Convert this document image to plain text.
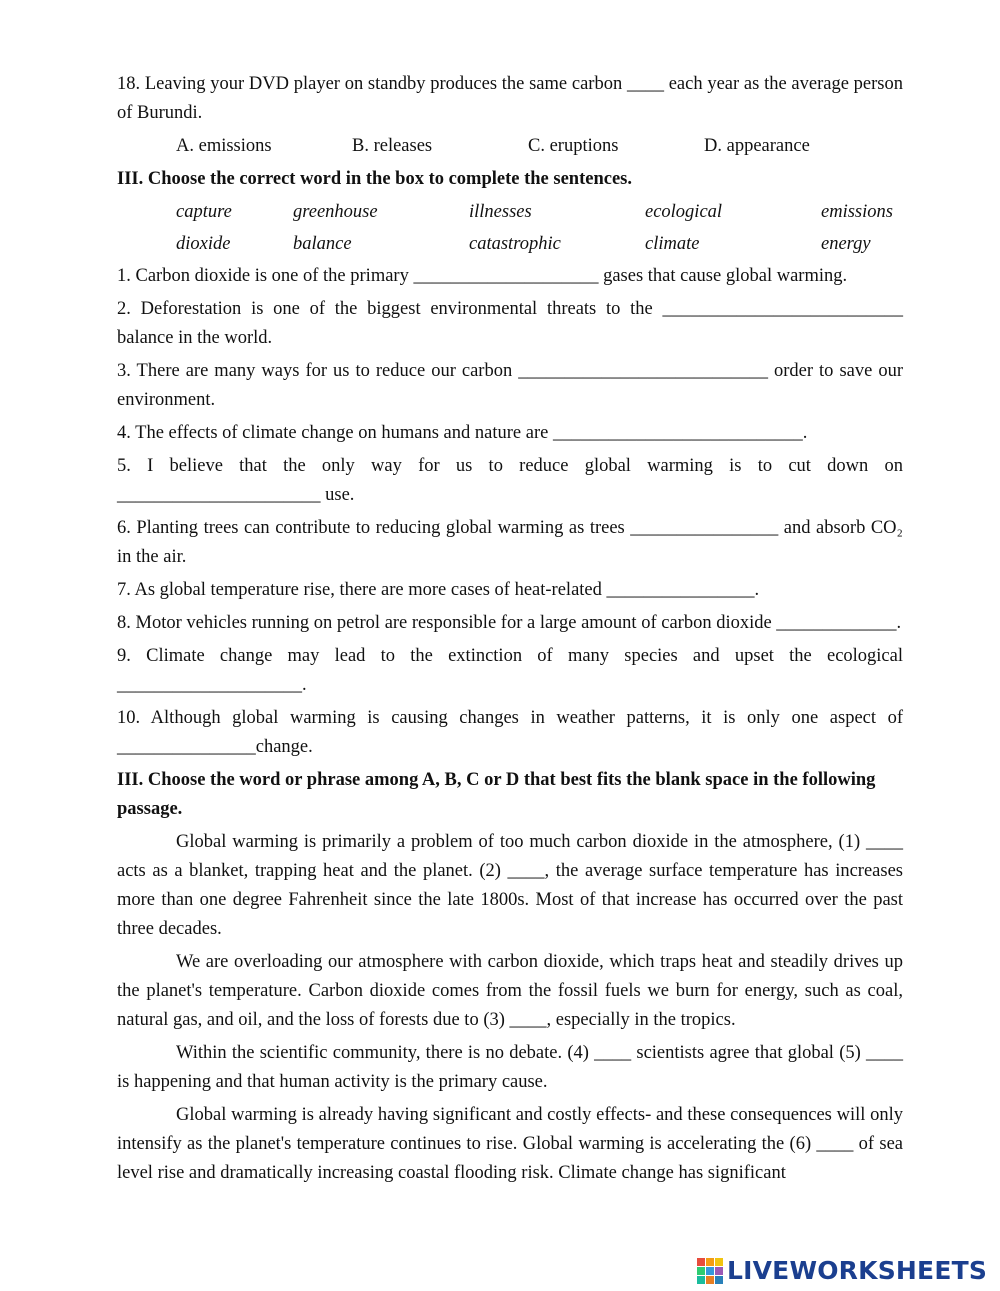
18. Leaving your DVD player on standby produces the same carbon ____ each year as the average person of Burundi.

A. emissions	B. releases	C. eruptions	D. appearance

III. Choose the correct word in the box to complete the sentences.

capture	greenhouse	illnesses	ecological	emissions
dioxide	balance	catastrophic	climate	energy

1. Carbon dioxide is one of the primary ____________________ gases that cause global warming.

2. Deforestation is one of the biggest environmental threats to the __________________________ balance in the world.

3. There are many ways for us to reduce our carbon ___________________________ order to save our environment.

4. The effects of climate change on humans and nature are ___________________________.

5. I believe that the only way for us to reduce global warming is to cut down on ______________________ use.

6. Planting trees can contribute to reducing global warming as trees ________________ and absorb CO₂ in the air.

7. As global temperature rise, there are more cases of heat-related ________________.

8. Motor vehicles running on petrol are responsible for a large amount of carbon dioxide _____________.

9. Climate change may lead to the extinction of many species and upset the ecological ____________________.

10. Although global warming is causing changes in weather patterns, it is only one aspect of _______________change.

III. Choose the word or phrase among A, B, C or D that best fits the blank space in the following passage.

Global warming is primarily a problem of too much carbon dioxide in the atmosphere, (1) ____ acts as a blanket, trapping heat and the planet. (2) ____, the average surface temperature has increases more than one degree Fahrenheit since the late 1800s. Most of that increase has occurred over the past three decades.

We are overloading our atmosphere with carbon dioxide, which traps heat and steadily drives up the planet's temperature. Carbon dioxide comes from the fossil fuels we burn for energy, such as coal, natural gas, and oil, and the loss of forests due to (3) ____, especially in the tropics.

Within the scientific community, there is no debate. (4) ____ scientists agree that global (5) ____ is happening and that human activity is the primary cause.

Global warming is already having significant and costly effects- and these consequences will only intensify as the planet's temperature continues to rise. Global warming is accelerating the (6) ____ of sea level rise and dramatically increasing coastal flooding risk. Climate change has significant

LIVEWORKSHEETS
